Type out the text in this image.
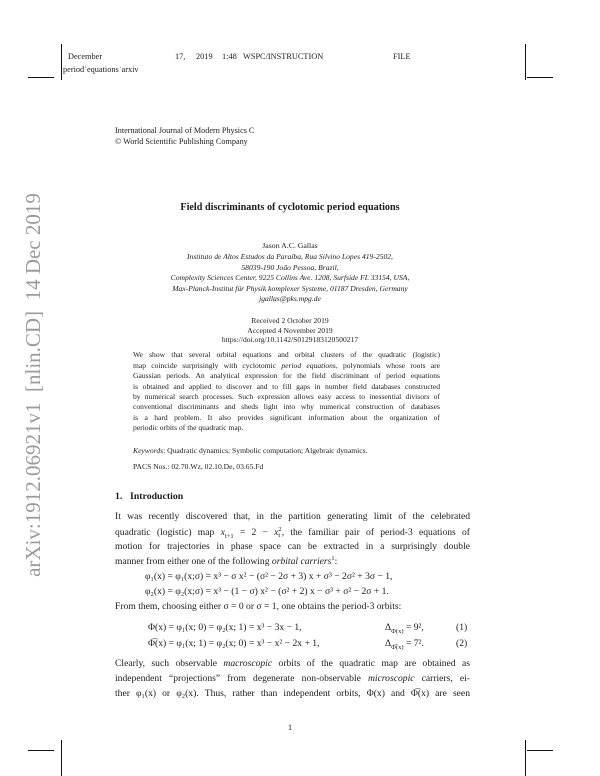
arXiv:1912.06921v1  [nlin.CD]  14 Dec 2019
December	17, 2019 1:48 WSPC/INSTRUCTION	FILE
period˙equations˙arxiv
International Journal of Modern Physics C
© World Scientific Publishing Company
Field discriminants of cyclotomic period equations
Jason A.C. Gallas
Instituto de Altos Estudos da Paraíba, Rua Silvino Lopes 419-2502,
58039-190 João Pessoa, Brazil,
Complexity Sciences Center, 9225 Collins Ave. 1208, Surfside FL 33154, USA,
Max-Planck-Institut für Physik komplexer Systeme, 01187 Dresden, Germany
jgallas@pks.mpg.de
Received 2 October 2019
Accepted 4 November 2019
https://doi.org/10.1142/S0129183120500217
We show that several orbital equations and orbital clusters of the quadratic (logistic)
map coincide surprisingly with cyclotomic period equations, polynomials whose roots are
Gaussian periods. An analytical expression for the field discriminant of period equations
is obtained and applied to discover and to fill gaps in number field databases constructed
by numerical search processes. Such expression allows easy access to inessential divisors of
conventional discriminants and sheds light into why numerical construction of databases
is a hard problem. It also provides significant information about the organization of
periodic orbits of the quadratic map.
Keywords: Quadratic dynamics; Symbolic computation; Algebraic dynamics.
PACS Nos.: 02.70.Wz, 02.10.De, 03.65.Fd
1. Introduction
It was recently discovered that, in the partition generating limit of the celebrated
quadratic (logistic) map $x_{t+1} = 2 - x$ 2
t , the familiar pair of period-3 equations of
motion for trajectories in phase space can be extracted in a surprisingly double
manner from either one of the following orbital carriers$^1$:
φ₁(x) = φ₁(x;σ) = x³ − σ x² − (σ² − 2σ + 3) x + σ³ − 2σ² + 3σ − 1,
φ₂(x) = φ₂(x;σ) = x³ − (1 − σ) x² − (σ² + 2) x − σ³ + σ² − 2σ + 1.
From them, choosing either σ = 0 or σ = 1, one obtains the period-3 orbits:
Φ(x) = φ₁(x; 0) = φ₂(x; 1) = x³ − 3x − 1,	$\Delta_{\Phi(x)} = 9^2$,	(1)
Φ̅(x) = φ₁(x; 1) = φ₂(x; 0) = x³ − x² − 2x + 1,	$\Delta_{\Phi̅(x)} = 7^2$.	(2)
Clearly, such observable macroscopic orbits of the quadratic map are obtained as
independent “projections” from degenerate non-observable microscopic carriers, ei-
ther φ₁(x) or φ₂(x). Thus, rather than independent orbits, Φ(x) and Φ̅(x) are seen
1
